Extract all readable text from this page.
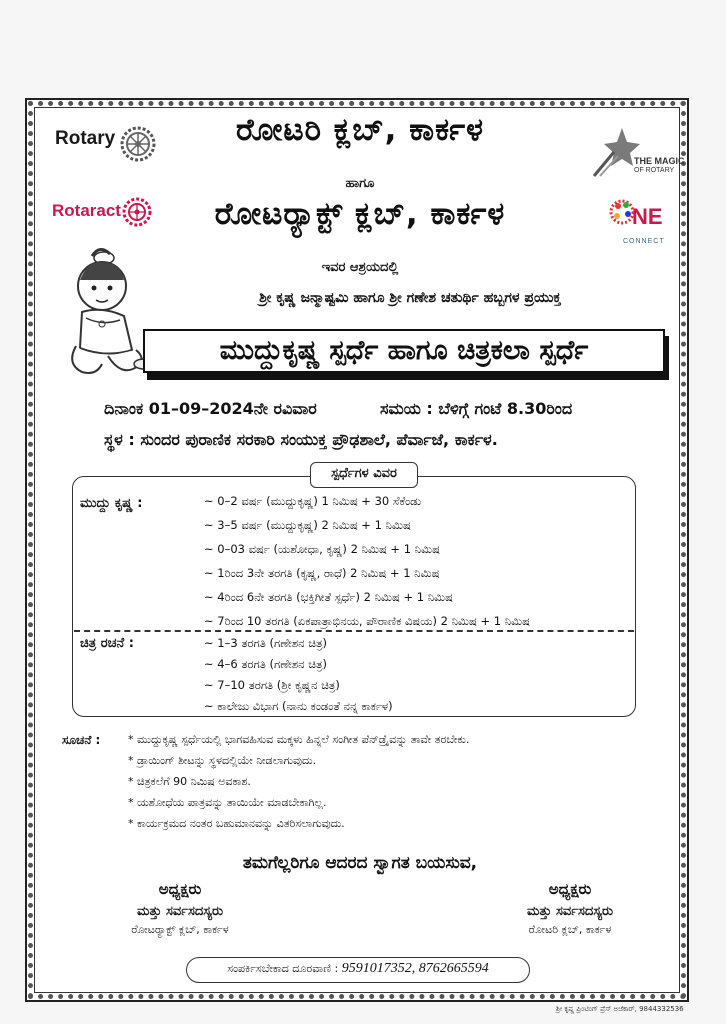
Rotary
Rotaract
THE MAGIC
OF ROTARY
NE
CONNECT
ರೋಟರಿ ಕ್ಲಬ್, ಕಾರ್ಕಳ
ಹಾಗೂ
ರೋಟರ್‍ಯಾಕ್ಟ್ ಕ್ಲಬ್, ಕಾರ್ಕಳ
ಇವರ ಆಶ್ರಯದಲ್ಲಿ
ಶ್ರೀ ಕೃಷ್ಣ ಜನ್ಮಾಷ್ಟಮಿ ಹಾಗೂ ಶ್ರೀ ಗಣೇಶ ಚತುರ್ಥಿ ಹಬ್ಬಗಳ ಪ್ರಯುಕ್ತ
ಮುದ್ದುಕೃಷ್ಣ ಸ್ಪರ್ಧೆ ಹಾಗೂ ಚಿತ್ರಕಲಾ ಸ್ಪರ್ಧೆ
ದಿನಾಂಕ 01–09–2024ನೇ ರವಿವಾರ	ಸಮಯ : ಬೆಳಿಗ್ಗೆ ಗಂಟೆ 8.30ರಿಂದ
ಸ್ಥಳ : ಸುಂದರ ಪುರಾಣಿಕ ಸರಕಾರಿ ಸಂಯುಕ್ತ ಪ್ರೌಢಶಾಲೆ, ಪೆರ್ವಾಜೆ, ಕಾರ್ಕಳ.
ಸ್ಪರ್ಧೆಗಳ ವಿವರ
ಮುದ್ದು ಕೃಷ್ಣ :	~ 0–2 ವರ್ಷ (ಮುದ್ದುಕೃಷ್ಣ) 1 ನಿಮಿಷ + 30 ಸೆಕೆಂಡು
~ 3–5 ವರ್ಷ (ಮುದ್ದುಕೃಷ್ಣ) 2 ನಿಮಿಷ + 1 ನಿಮಿಷ
~ 0–03 ವರ್ಷ (ಯಶೋಧಾ, ಕೃಷ್ಣ) 2 ನಿಮಿಷ + 1 ನಿಮಿಷ
~ 1ರಿಂದ 3ನೇ ತರಗತಿ (ಕೃಷ್ಣ, ರಾಧೆ) 2 ನಿಮಿಷ + 1 ನಿಮಿಷ
~ 4ರಿಂದ 6ನೇ ತರಗತಿ (ಭಕ್ತಿಗೀತೆ ಸ್ಪರ್ಧೆ) 2 ನಿಮಿಷ + 1 ನಿಮಿಷ
~ 7ರಿಂದ 10 ತರಗತಿ (ಏಕಪಾತ್ರಾಭಿನಯ, ಪೌರಾಣಿಕ ವಿಷಯ) 2 ನಿಮಿಷ + 1 ನಿಮಿಷ
ಚಿತ್ರ ರಚನೆ :	~ 1–3 ತರಗತಿ (ಗಣೇಶನ ಚಿತ್ರ)
~ 4–6 ತರಗತಿ (ಗಣೇಶನ ಚಿತ್ರ)
~ 7–10 ತರಗತಿ (ಶ್ರೀ ಕೃಷ್ಣನ ಚಿತ್ರ)
~ ಕಾಲೇಜು ವಿಭಾಗ (ನಾನು ಕಂಡಂತೆ ನನ್ನ ಕಾರ್ಕಳ)
ಸೂಚನೆ :	* ಮುದ್ದುಕೃಷ್ಣ ಸ್ಪರ್ಧೆಯಲ್ಲಿ ಭಾಗವಹಿಸುವ ಮಕ್ಕಳು ಹಿನ್ನಲೆ ಸಂಗೀತ ಪೆನ್‌ಡ್ರೈವನ್ನು ತಾವೇ ತರಬೇಕು.
* ಡ್ರಾಯಿಂಗ್ ಶೀಟನ್ನು ಸ್ಥಳದಲ್ಲಿಯೇ ನೀಡಲಾಗುವುದು.
* ಚಿತ್ರಕಲೆಗೆ 90 ನಿಮಿಷ ಅವಕಾಶ.
* ಯಶೋಧೆಯ ಪಾತ್ರವನ್ನು ತಾಯಿಯೇ ಮಾಡಬೇಕಾಗಿಲ್ಲ.
* ಕಾರ್ಯಕ್ರಮದ ನಂತರ ಬಹುಮಾನವನ್ನು ವಿತರಿಸಲಾಗುವುದು.
ತಮಗೆಲ್ಲರಿಗೂ ಆದರದ ಸ್ವಾಗತ ಬಯಸುವ,
ಅಧ್ಯಕ್ಷರು
ಮತ್ತು ಸರ್ವಸದಸ್ಯರು
ರೋಟರ್‍ಯಾಕ್ಟ್ ಕ್ಲಬ್, ಕಾರ್ಕಳ
ಅಧ್ಯಕ್ಷರು
ಮತ್ತು ಸರ್ವಸದಸ್ಯರು
ರೋಟರಿ ಕ್ಲಬ್, ಕಾರ್ಕಳ
ಸಂಪರ್ಕಿಸಬೇಕಾದ ದೂರವಾಣಿ : 9591017352, 8762665594
ಶ್ರೀ ಕೃಷ್ಣ ಪ್ರಿಂಟಿಂಗ್ ಪ್ರೆಸ್ ಅಜೆಕಾರ್, 9844332536
